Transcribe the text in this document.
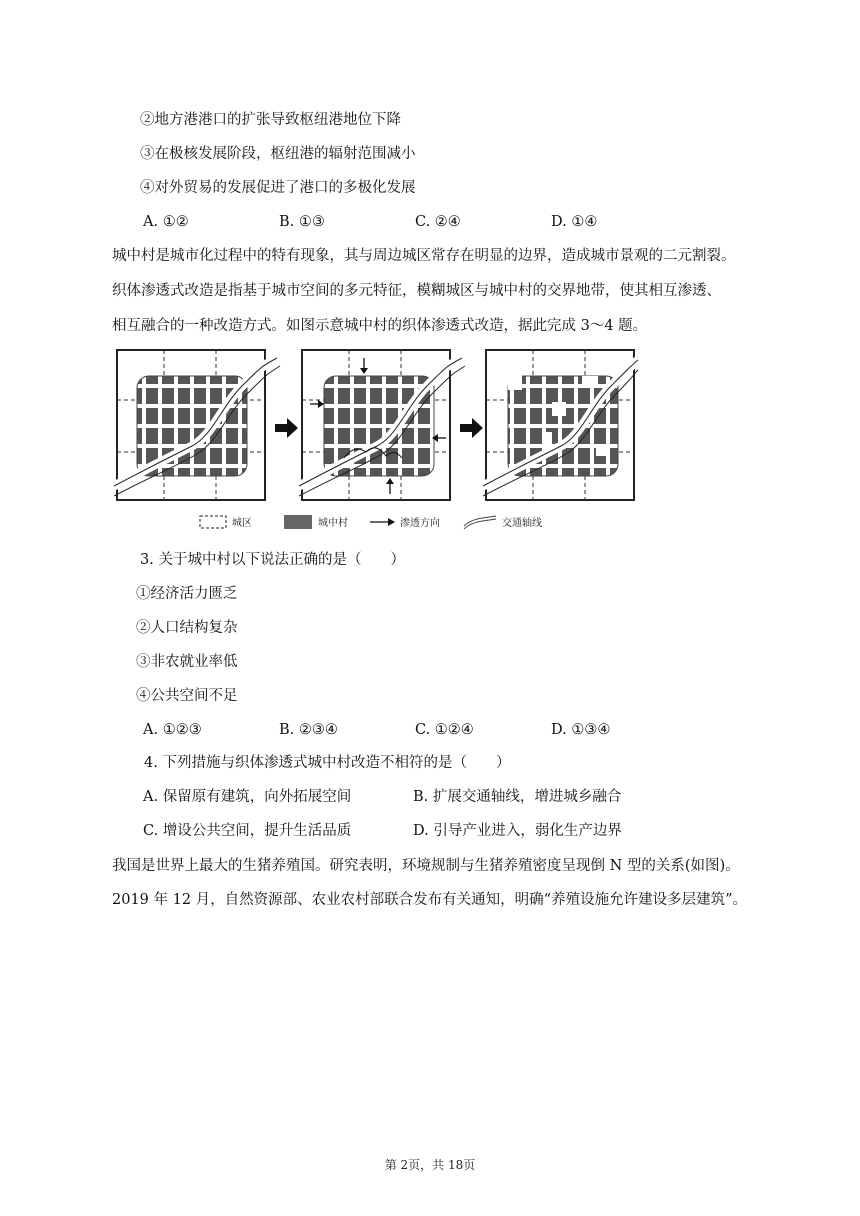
②地方港港口的扩张导致枢纽港地位下降
③在极核发展阶段，枢纽港的辐射范围减小
④对外贸易的发展促进了港口的多极化发展
A. ①②	B. ①③	C. ②④	D. ①④
城中村是城市化过程中的特有现象，其与周边城区常存在明显的边界，造成城市景观的二元割裂。
织体渗透式改造是指基于城市空间的多元特征，模糊城区与城中村的交界地带，使其相互渗透、
相互融合的一种改造方式。如图示意城中村的织体渗透式改造，据此完成 3～4 题。
城区	城中村	渗透方向	交通轴线
3. 关于城中村以下说法正确的是（　　）
①经济活力匮乏
②人口结构复杂
③非农就业率低
④公共空间不足
A. ①②③	B. ②③④	C. ①②④	D. ①③④
4. 下列措施与织体渗透式城中村改造不相符的是（　　）
A. 保留原有建筑，向外拓展空间	B. 扩展交通轴线，增进城乡融合
C. 增设公共空间，提升生活品质	D. 引导产业进入，弱化生产边界
我国是世界上最大的生猪养殖国。研究表明，环境规制与生猪养殖密度呈现倒 N 型的关系(如图)。
2019 年 12 月，自然资源部、农业农村部联合发布有关通知，明确“养殖设施允许建设多层建筑”。
第 2页，共 18页
